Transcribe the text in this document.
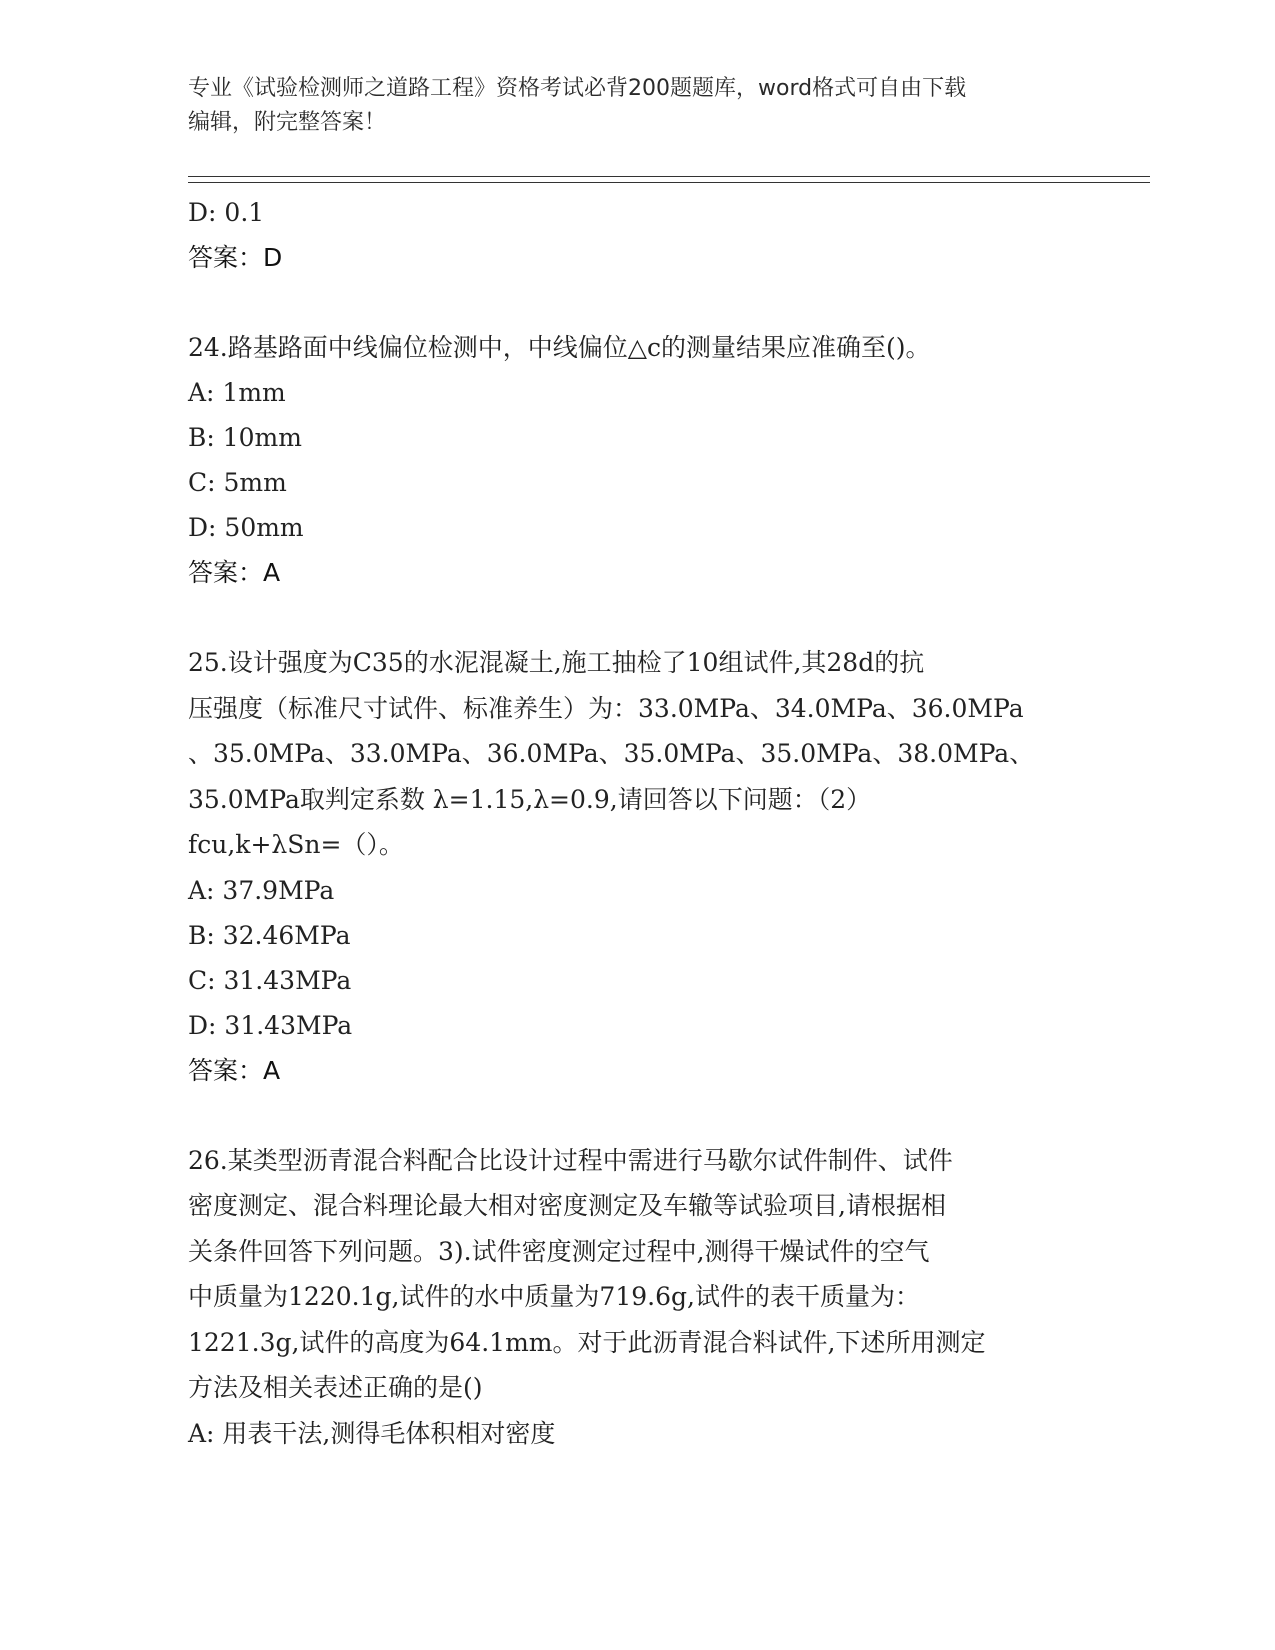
专业《试验检测师之道路工程》资格考试必背200题题库，word格式可自由下载
编辑，附完整答案！
D: 0.1
答案：D
24.路基路面中线偏位检测中，中线偏位△c的测量结果应准确至()。
A: 1mm
B: 10mm
C: 5mm
D: 50mm
答案：A
25.设计强度为C35的水泥混凝土,施工抽检了10组试件,其28d的抗
压强度（标准尺寸试件、标准养生）为：33.0MPa、34.0MPa、36.0MPa
、35.0MPa、33.0MPa、36.0MPa、35.0MPa、35.0MPa、38.0MPa、
35.0MPa取判定系数 λ=1.15,λ=0.9,请回答以下问题：（2）
fcu,k+λSn=（）。
A: 37.9MPa
B: 32.46MPa
C: 31.43MPa
D: 31.43MPa
答案：A
26.某类型沥青混合料配合比设计过程中需进行马歇尔试件制件、试件
密度测定、混合料理论最大相对密度测定及车辙等试验项目,请根据相
关条件回答下列问题。3).试件密度测定过程中,测得干燥试件的空气
中质量为1220.1g,试件的水中质量为719.6g,试件的表干质量为：
1221.3g,试件的高度为64.1mm。对于此沥青混合料试件,下述所用测定
方法及相关表述正确的是()
A: 用表干法,测得毛体积相对密度
